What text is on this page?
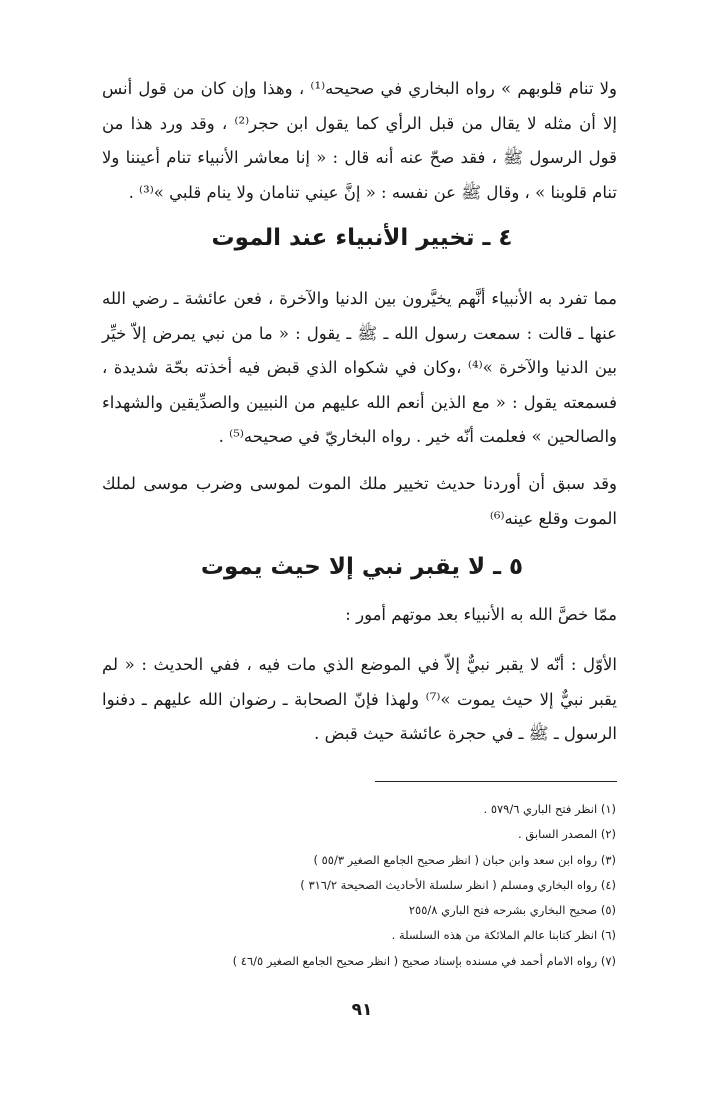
ولا تنام قلوبهم » رواه البخاري في صحيحه⁽¹⁾ ، وهذا وإن كان من قول أنس إلا أن مثله لا يقال من قبل الرأي كما يقول ابن حجر⁽²⁾ ، وقد ورد هذا من قول الرسول ﷺ ، فقد صحّ عنه أنه قال : « إنا معاشر الأنبياء تنام أعيننا ولا تنام قلوبنا » ، وقال ﷺ عن نفسه : « إنَّ عيني تنامان ولا ينام قلبي »⁽³⁾ .

٤ ـ تخيير الأنبياء عند الموت

مما تفرد به الأنبياء أنَّهم يخيَّرون بين الدنيا والآخرة ، فعن عائشة ـ رضي الله عنها ـ قالت : سمعت رسول الله ـ ﷺ ـ يقول : « ما من نبي يمرض إلاّ خيِّر بين الدنيا والآخرة »⁽⁴⁾ ،وكان في شكواه الذي قبض فيه أخذته بحّة شديدة ، فسمعته يقول : « مع الذين أنعم الله عليهم من النبيين والصدِّيقين والشهداء والصالحين » فعلمت أنّه خير . رواه البخاريّ في صحيحه⁽⁵⁾ .

وقد سبق أن أوردنا حديث تخيير ملك الموت لموسى وضرب موسى لملك الموت وقلع عينه⁽⁶⁾

٥ ـ لا يقبر نبي إلا حيث يموت

ممّا خصَّ الله به الأنبياء بعد موتهم أمور :

الأوّل : أنّه لا يقبر نبيٌّ إلاّ في الموضع الذي مات فيه ، ففي الحديث : « لم يقبر نبيٌّ إلا حيث يموت »⁽⁷⁾ ولهذا فإنّ الصحابة ـ رضوان الله عليهم ـ دفنوا الرسول ـ ﷺ ـ في حجرة عائشة حيث قبض .

(١) انظر فتح الباري ٥٧٩/٦ .
(٢) المصدر السابق .
(٣) رواه ابن سعد وابن حبان ( انظر صحيح الجامع الصغير ٥٥/٣ )
(٤) رواه البخاري ومسلم ( انظر سلسلة الأحاديث الصحيحة ٣١٦/٢ )
(٥) صحيح البخاري بشرحه فتح الباري ٢٥٥/٨
(٦) انظر كتابنا عالم الملائكة من هذه السلسلة .
(٧) رواه الامام أحمد في مسنده بإسناد صحيح ( انظر صحيح الجامع الصغير ٤٦/٥ )
٩١
